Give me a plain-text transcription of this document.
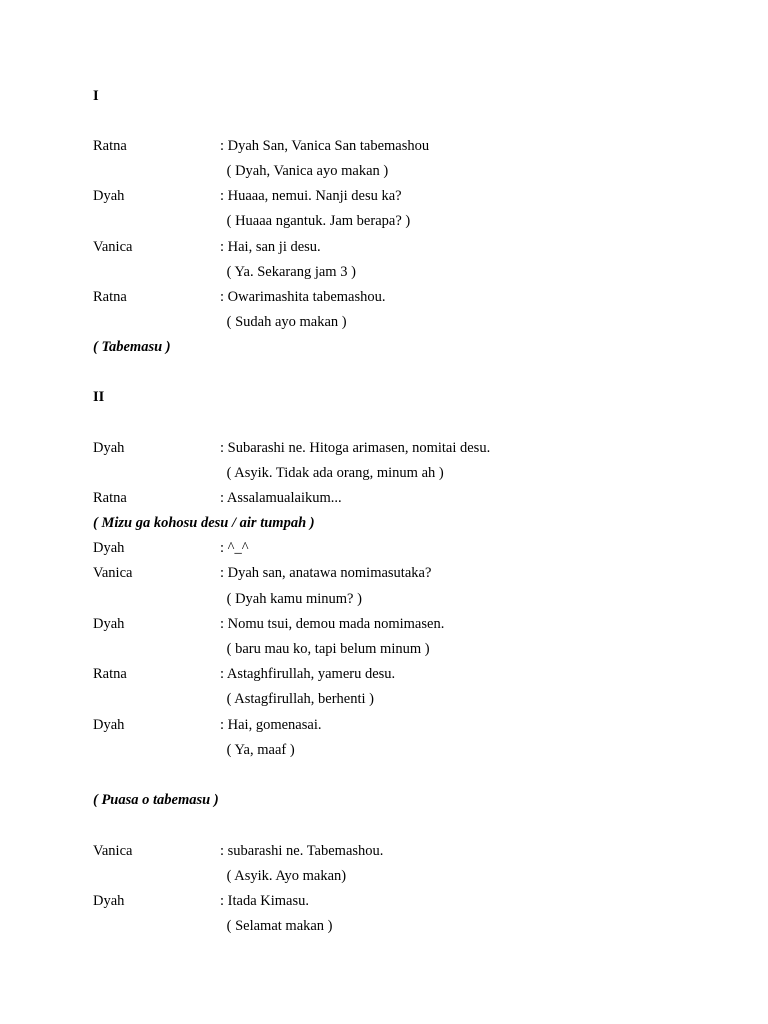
I
Ratna	: Dyah San, Vanica San tabemashou
( Dyah, Vanica ayo makan )
Dyah	: Huaaa, nemui. Nanji desu ka?
( Huaaa ngantuk. Jam berapa? )
Vanica	: Hai, san ji desu.
( Ya. Sekarang jam 3 )
Ratna	: Owarimashita tabemashou.
( Sudah ayo makan )
( Tabemasu )
II
Dyah	: Subarashi ne. Hitoga arimasen, nomitai desu.
( Asyik. Tidak ada orang, minum ah )
Ratna	: Assalamualaikum...
( Mizu ga kohosu desu / air tumpah )
Dyah	: ^_^
Vanica	: Dyah san, anatawa nomimasutaka?
( Dyah kamu minum? )
Dyah	: Nomu tsui, demou mada nomimasen.
( baru mau ko, tapi belum minum )
Ratna	: Astaghfirullah, yameru desu.
( Astagfirullah, berhenti )
Dyah	: Hai, gomenasai.
( Ya, maaf )
( Puasa o tabemasu )
Vanica	: subarashi ne. Tabemashou.
( Asyik. Ayo makan)
Dyah	: Itada Kimasu.
( Selamat makan )
